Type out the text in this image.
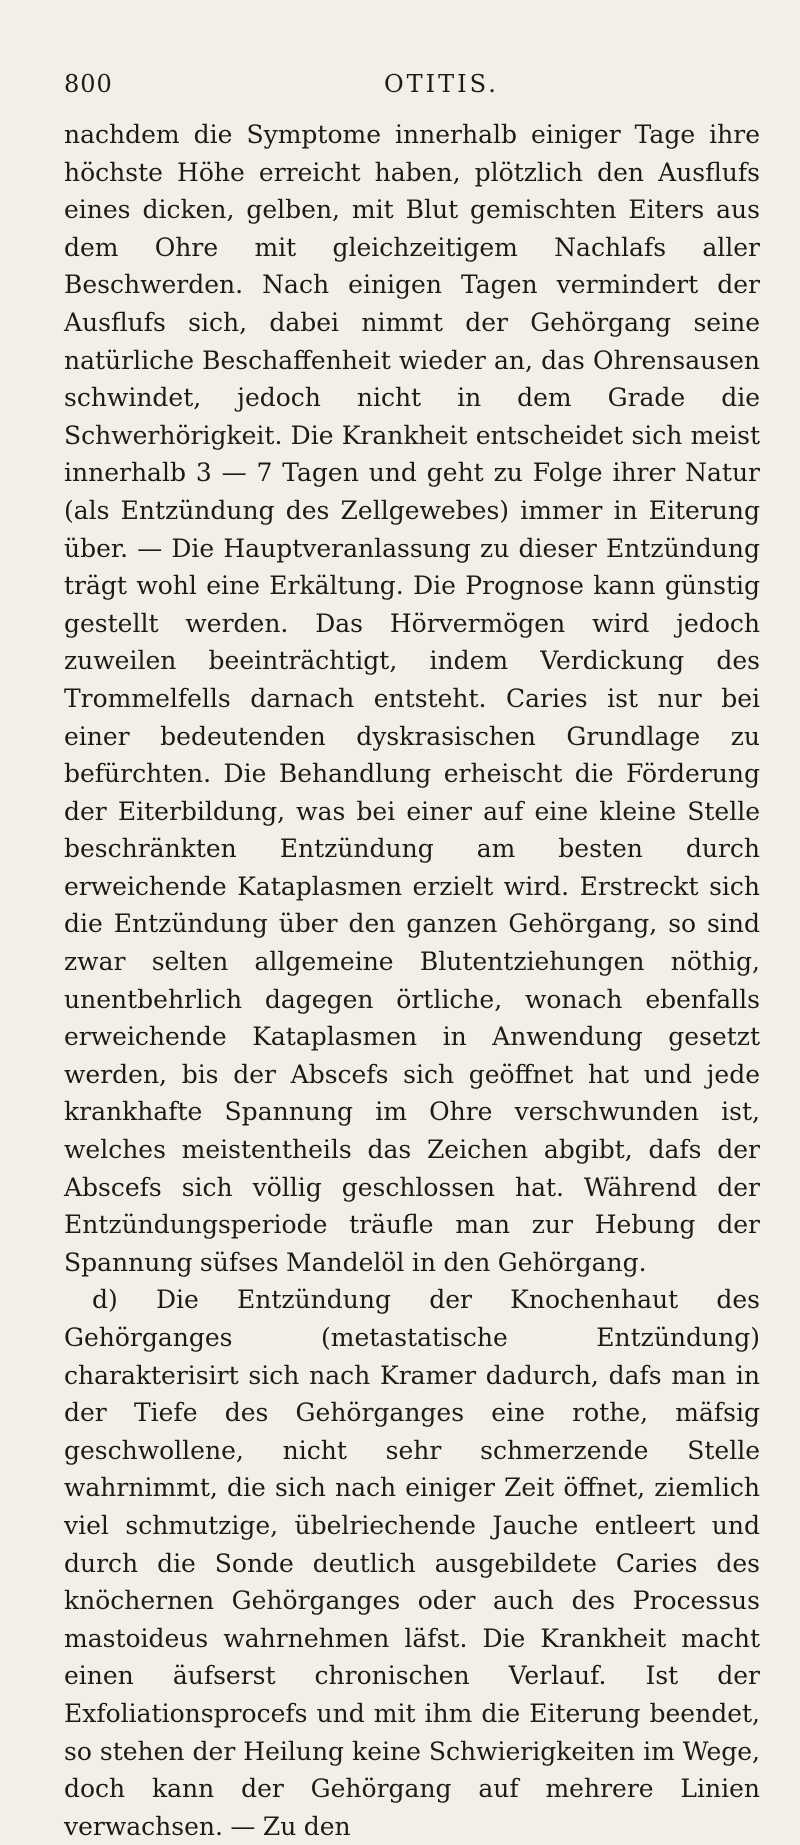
800	OTITIS.

nachdem die Symptome innerhalb einiger Tage ihre höchste Höhe erreicht haben, plötzlich den Ausflufs eines dicken, gelben, mit Blut gemischten Eiters aus dem Ohre mit gleichzeitigem Nachlafs aller Beschwerden. Nach einigen Tagen vermindert der Ausflufs sich, dabei nimmt der Gehörgang seine natürliche Beschaffenheit wieder an, das Ohrensausen schwindet, jedoch nicht in dem Grade die Schwerhörigkeit. Die Krankheit entscheidet sich meist innerhalb 3 — 7 Tagen und geht zu Folge ihrer Natur (als Entzündung des Zellgewebes) immer in Eiterung über. — Die Hauptveranlassung zu dieser Entzündung trägt wohl eine Erkältung. Die Prognose kann günstig gestellt werden. Das Hörvermögen wird jedoch zuweilen beeinträchtigt, indem Verdickung des Trommelfells darnach entsteht. Caries ist nur bei einer bedeutenden dyskrasischen Grundlage zu befürchten. Die Behandlung erheischt die Förderung der Eiterbildung, was bei einer auf eine kleine Stelle beschränkten Entzündung am besten durch erweichende Kataplasmen erzielt wird. Erstreckt sich die Entzündung über den ganzen Gehörgang, so sind zwar selten allgemeine Blutentziehungen nöthig, unentbehrlich dagegen örtliche, wonach ebenfalls erweichende Kataplasmen in Anwendung gesetzt werden, bis der Abscefs sich geöffnet hat und jede krankhafte Spannung im Ohre verschwunden ist, welches meistentheils das Zeichen abgibt, dafs der Abscefs sich völlig geschlossen hat. Während der Entzündungsperiode träufle man zur Hebung der Spannung süfses Mandelöl in den Gehörgang.

d) Die Entzündung der Knochenhaut des Gehörganges (metastatische Entzündung) charakterisirt sich nach Kramer dadurch, dafs man in der Tiefe des Gehörganges eine rothe, mäfsig geschwollene, nicht sehr schmerzende Stelle wahrnimmt, die sich nach einiger Zeit öffnet, ziemlich viel schmutzige, übelriechende Jauche entleert und durch die Sonde deutlich ausgebildete Caries des knöchernen Gehörganges oder auch des Processus mastoideus wahrnehmen läfst. Die Krankheit macht einen äufserst chronischen Verlauf. Ist der Exfoliationsprocefs und mit ihm die Eiterung beendet, so stehen der Heilung keine Schwierigkeiten im Wege, doch kann der Gehörgang auf mehrere Linien verwachsen. — Zu den
